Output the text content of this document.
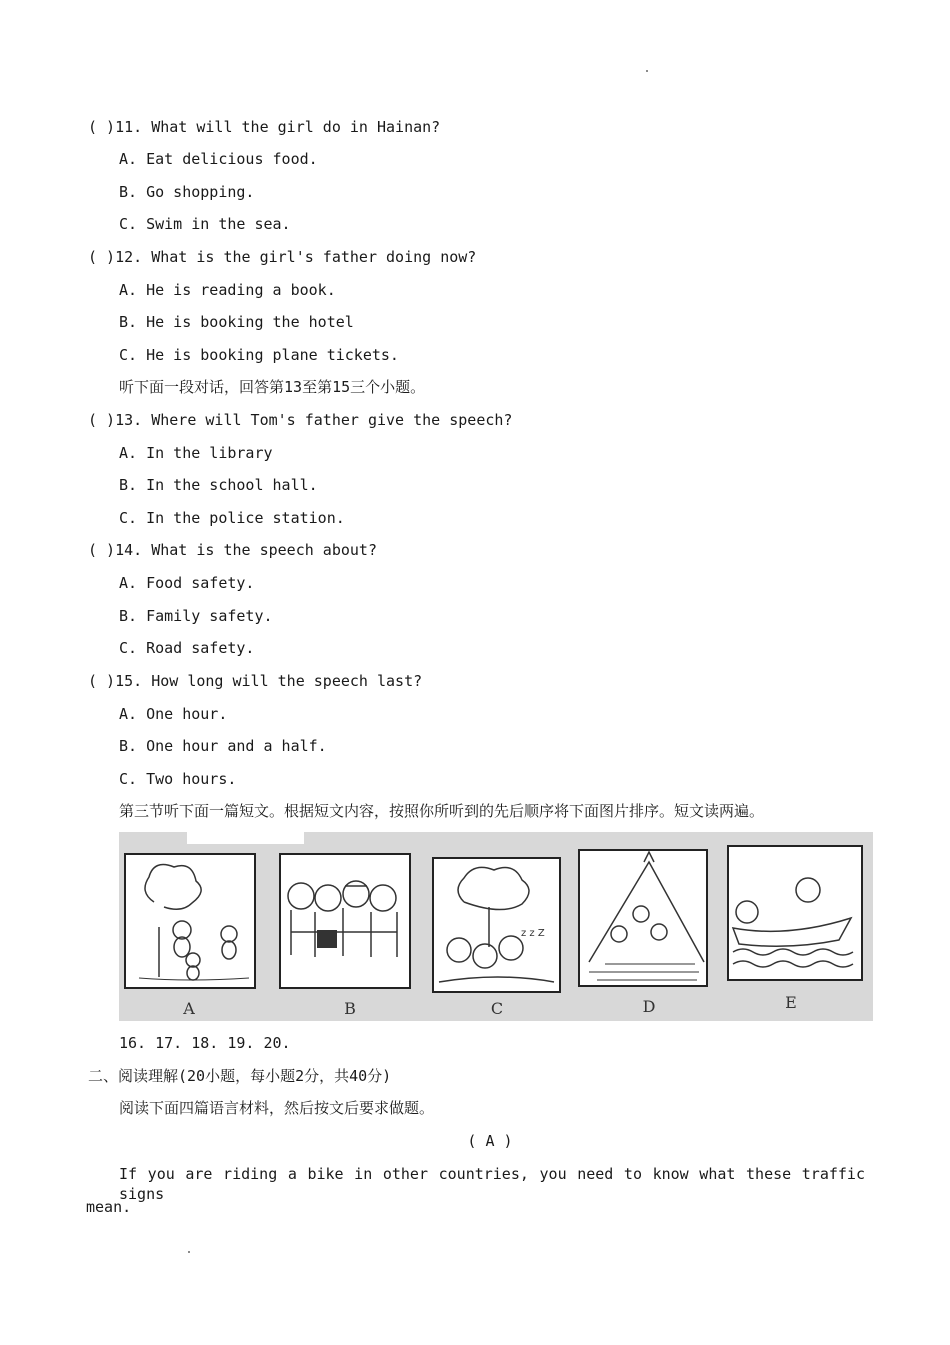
( )11. What will the girl do in Hainan?
A. Eat delicious food.
B. Go shopping.
C. Swim in the sea.
( )12. What is the girl's father doing now?
A. He is reading a book.
B. He is booking the hotel
C. He is booking plane tickets.
听下面一段对话，回答第13至第15三个小题。
( )13. Where will Tom's father give the speech?
A. In the library
B. In the school hall.
C. In the police station.
( )14. What is the speech about?
A. Food safety.
B. Family safety.
C. Road safety.
( )15. How long will the speech last?
A. One hour.
B. One hour and a half.
C. Two hours.
第三节听下面一篇短文。根据短文内容，按照你所听到的先后顺序将下面图片排序。短文读两遍。
z z Z
A	B	C	D	E
16. 17. 18. 19. 20.
二、阅读理解(20小题，每小题2分，共40分)
阅读下面四篇语言材料，然后按文后要求做题。
( A )
If you are riding a bike in other countries, you need to know what these traffic signs
mean.
